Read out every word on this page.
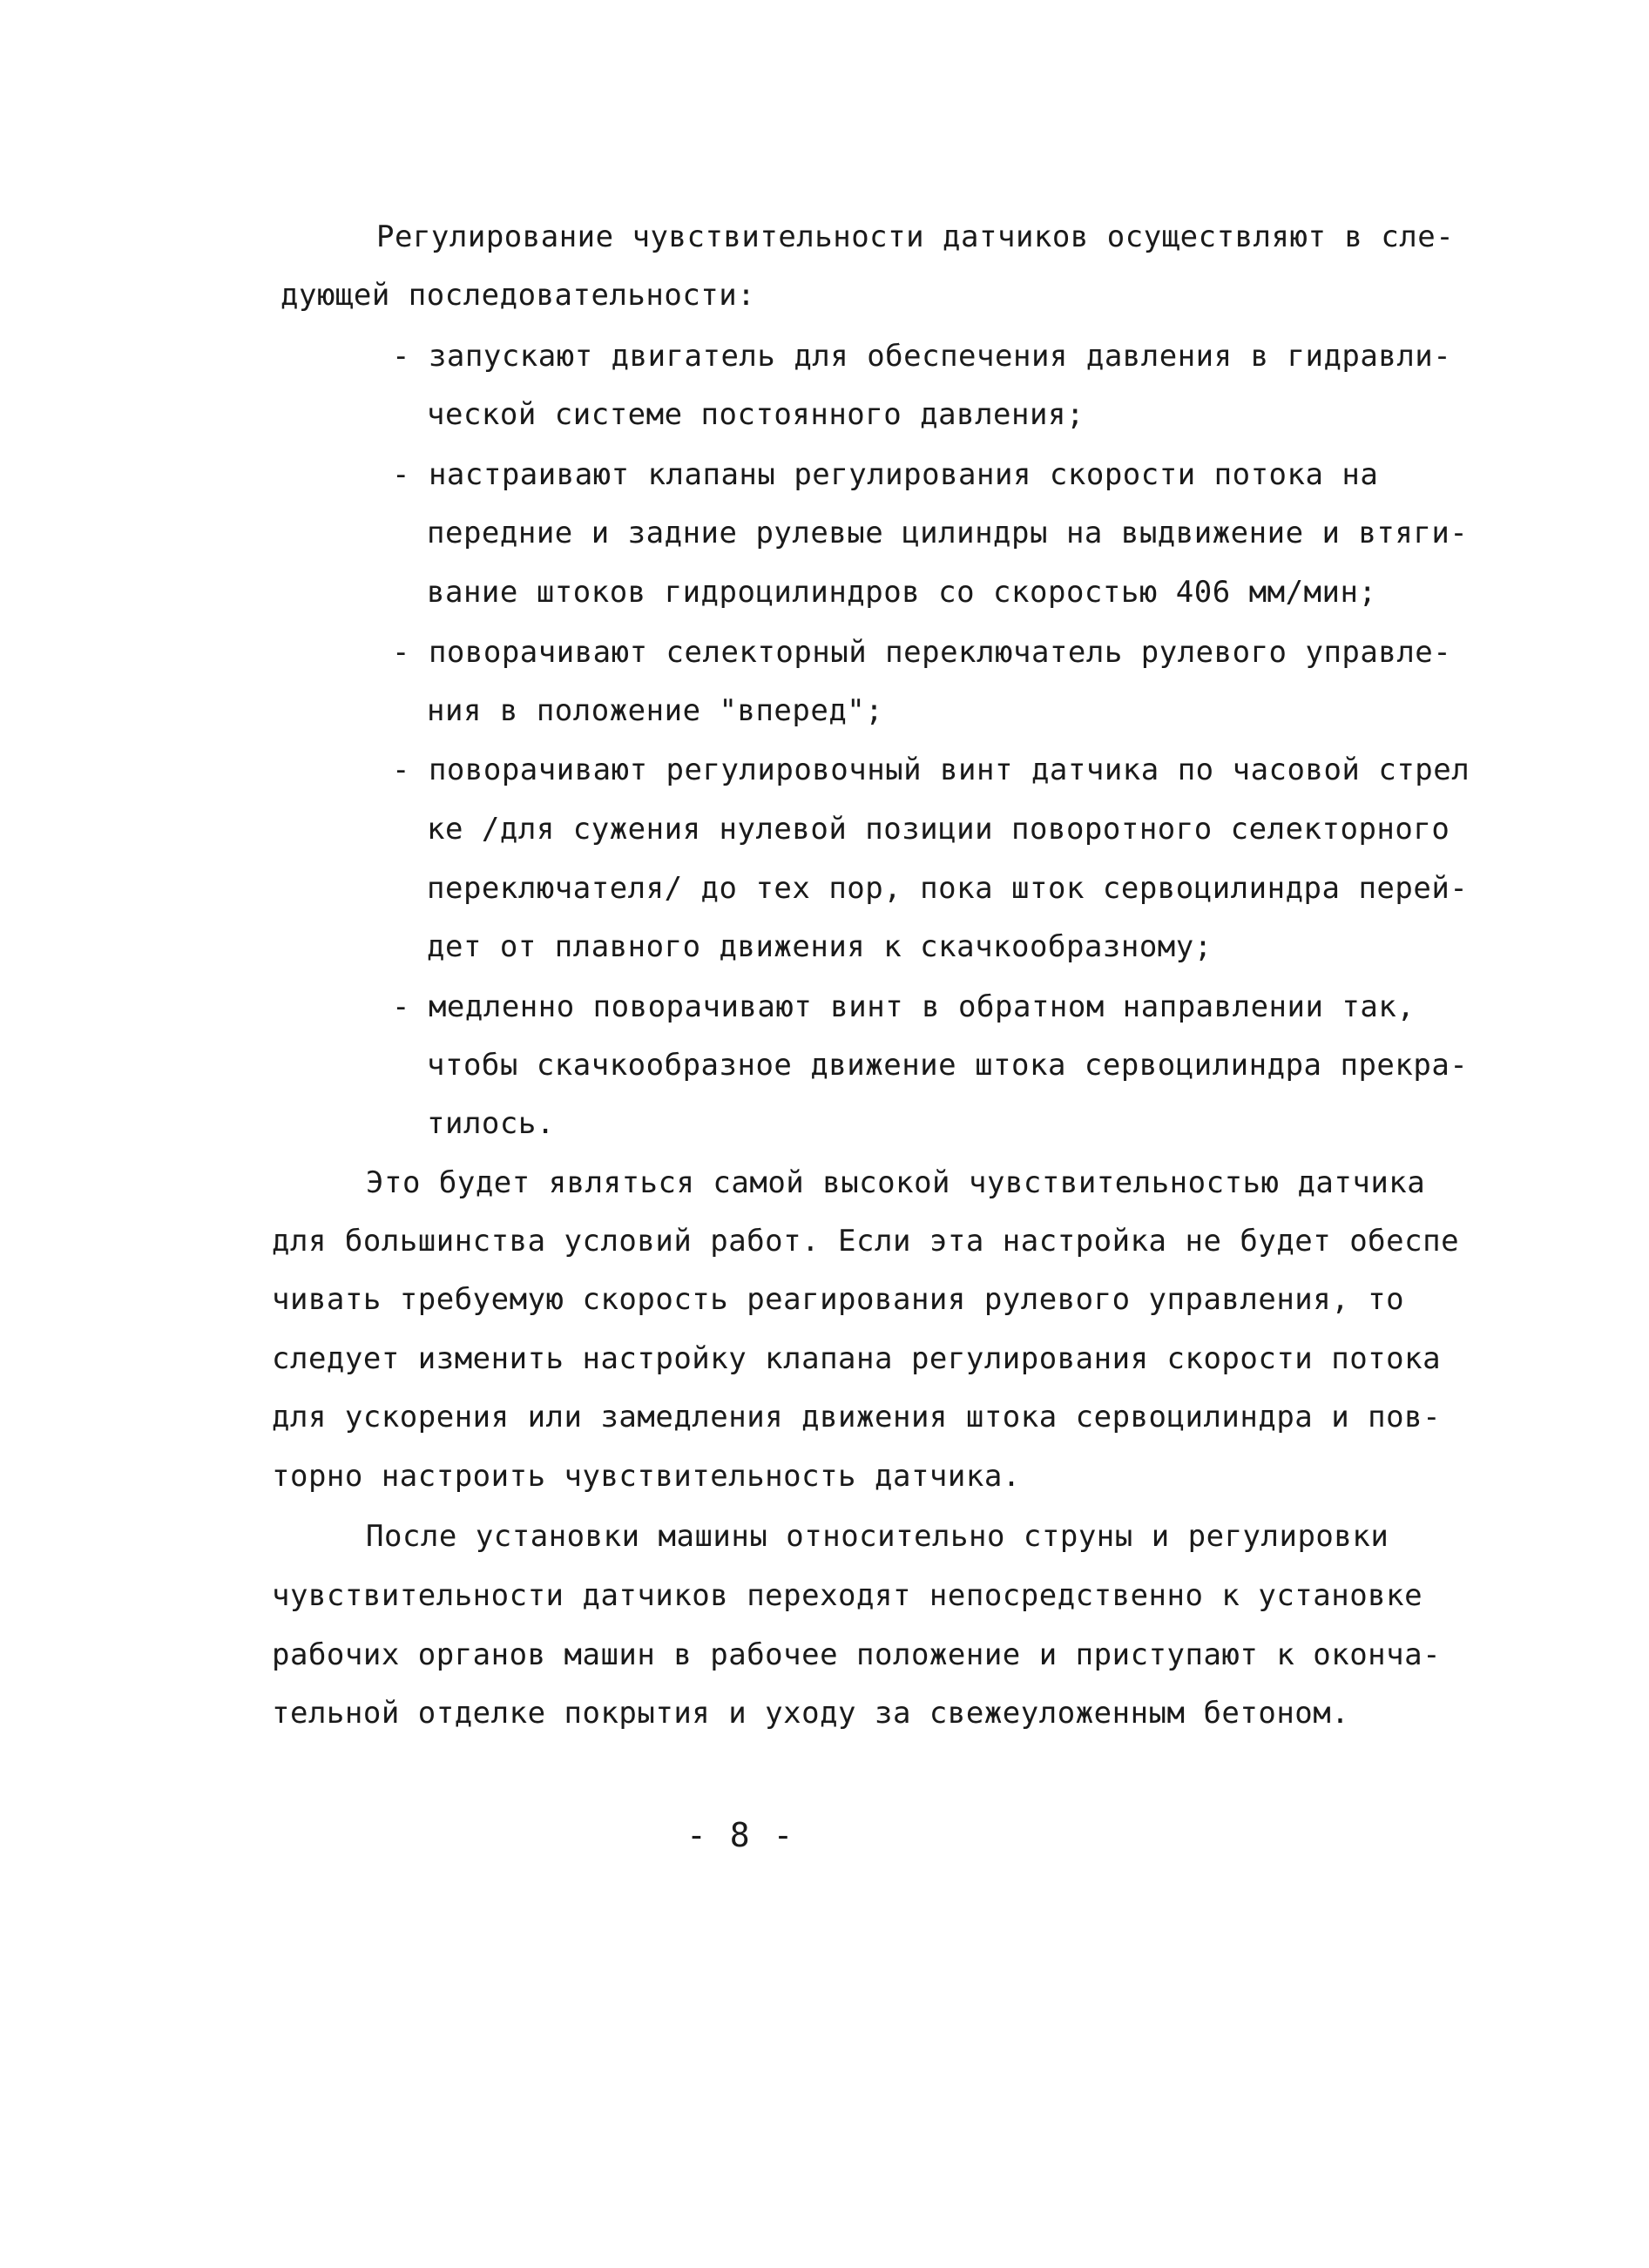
Регулирование чувствительности датчиков осуществляют в сле-
дующей последовательности:
- запускают двигатель для обеспечения давления в гидравли-
ческой системе постоянного давления;
- настраивают клапаны регулирования скорости потока на
передние и задние рулевые цилиндры на выдвижение и втяги-
вание штоков гидроцилиндров со скоростью 406 мм/мин;
- поворачивают селекторный переключатель рулевого управле-
ния в положение "вперед";
- поворачивают регулировочный винт датчика по часовой стрел
ке /для сужения нулевой позиции поворотного селекторного
переключателя/ до тех пор, пока шток сервоцилиндра перей-
дет от плавного движения к скачкообразному;
- медленно поворачивают винт в обратном направлении так,
чтобы скачкообразное движение штока сервоцилиндра прекра-
тилось.
Это будет являться самой высокой чувствительностью датчика
для большинства условий работ. Если эта настройка не будет обеспе
чивать требуемую скорость реагирования рулевого управления, то
следует изменить настройку клапана регулирования скорости потока
для ускорения или замедления движения штока сервоцилиндра и пов-
торно настроить чувствительность датчика.
После установки машины относительно струны и регулировки
чувствительности датчиков переходят непосредственно к установке
рабочих органов машин в рабочее положение и приступают к оконча-
тельной отделке покрытия и уходу за свежеуложенным бетоном.
- 8 -
